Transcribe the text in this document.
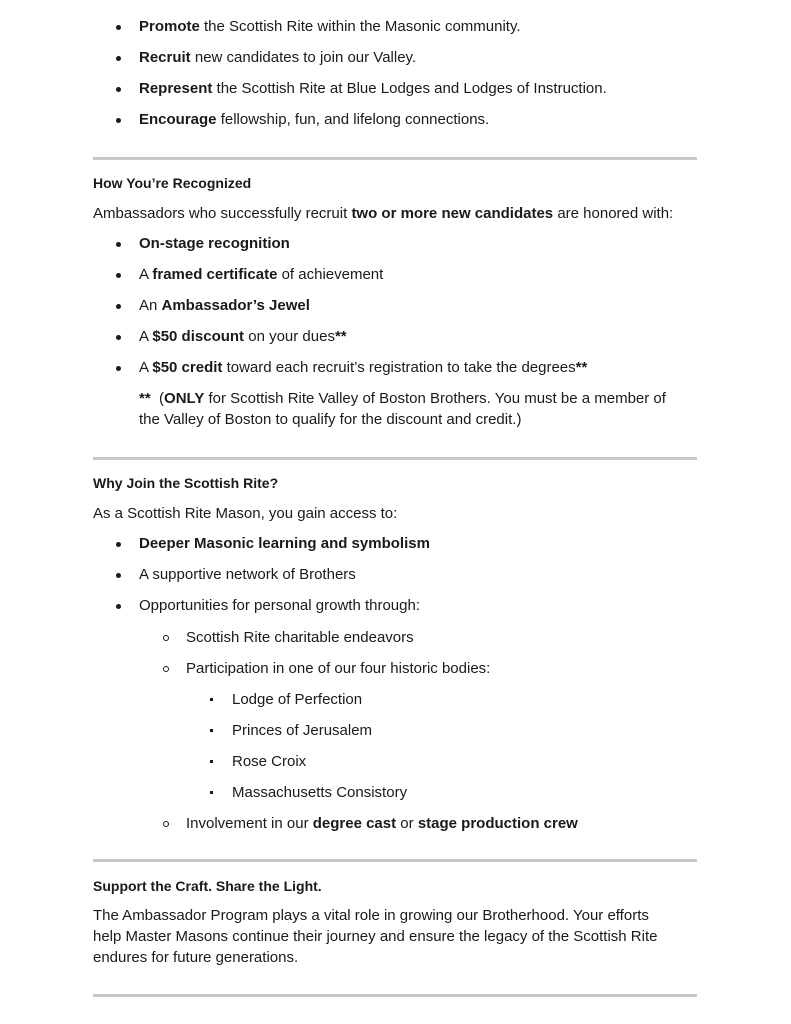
Promote the Scottish Rite within the Masonic community.
Recruit new candidates to join our Valley.
Represent the Scottish Rite at Blue Lodges and Lodges of Instruction.
Encourage fellowship, fun, and lifelong connections.
How You’re Recognized
Ambassadors who successfully recruit two or more new candidates are honored with:
On-stage recognition
A framed certificate of achievement
An Ambassador’s Jewel
A $50 discount on your dues**
A $50 credit toward each recruit’s registration to take the degrees**
** (ONLY for Scottish Rite Valley of Boston Brothers. You must be a member of
the Valley of Boston to qualify for the discount and credit.)
Why Join the Scottish Rite?
As a Scottish Rite Mason, you gain access to:
Deeper Masonic learning and symbolism
A supportive network of Brothers
Opportunities for personal growth through:
Scottish Rite charitable endeavors
Participation in one of our four historic bodies:
Lodge of Perfection
Princes of Jerusalem
Rose Croix
Massachusetts Consistory
Involvement in our degree cast or stage production crew
Support the Craft. Share the Light.
The Ambassador Program plays a vital role in growing our Brotherhood. Your efforts
help Master Masons continue their journey and ensure the legacy of the Scottish Rite
endures for future generations.
